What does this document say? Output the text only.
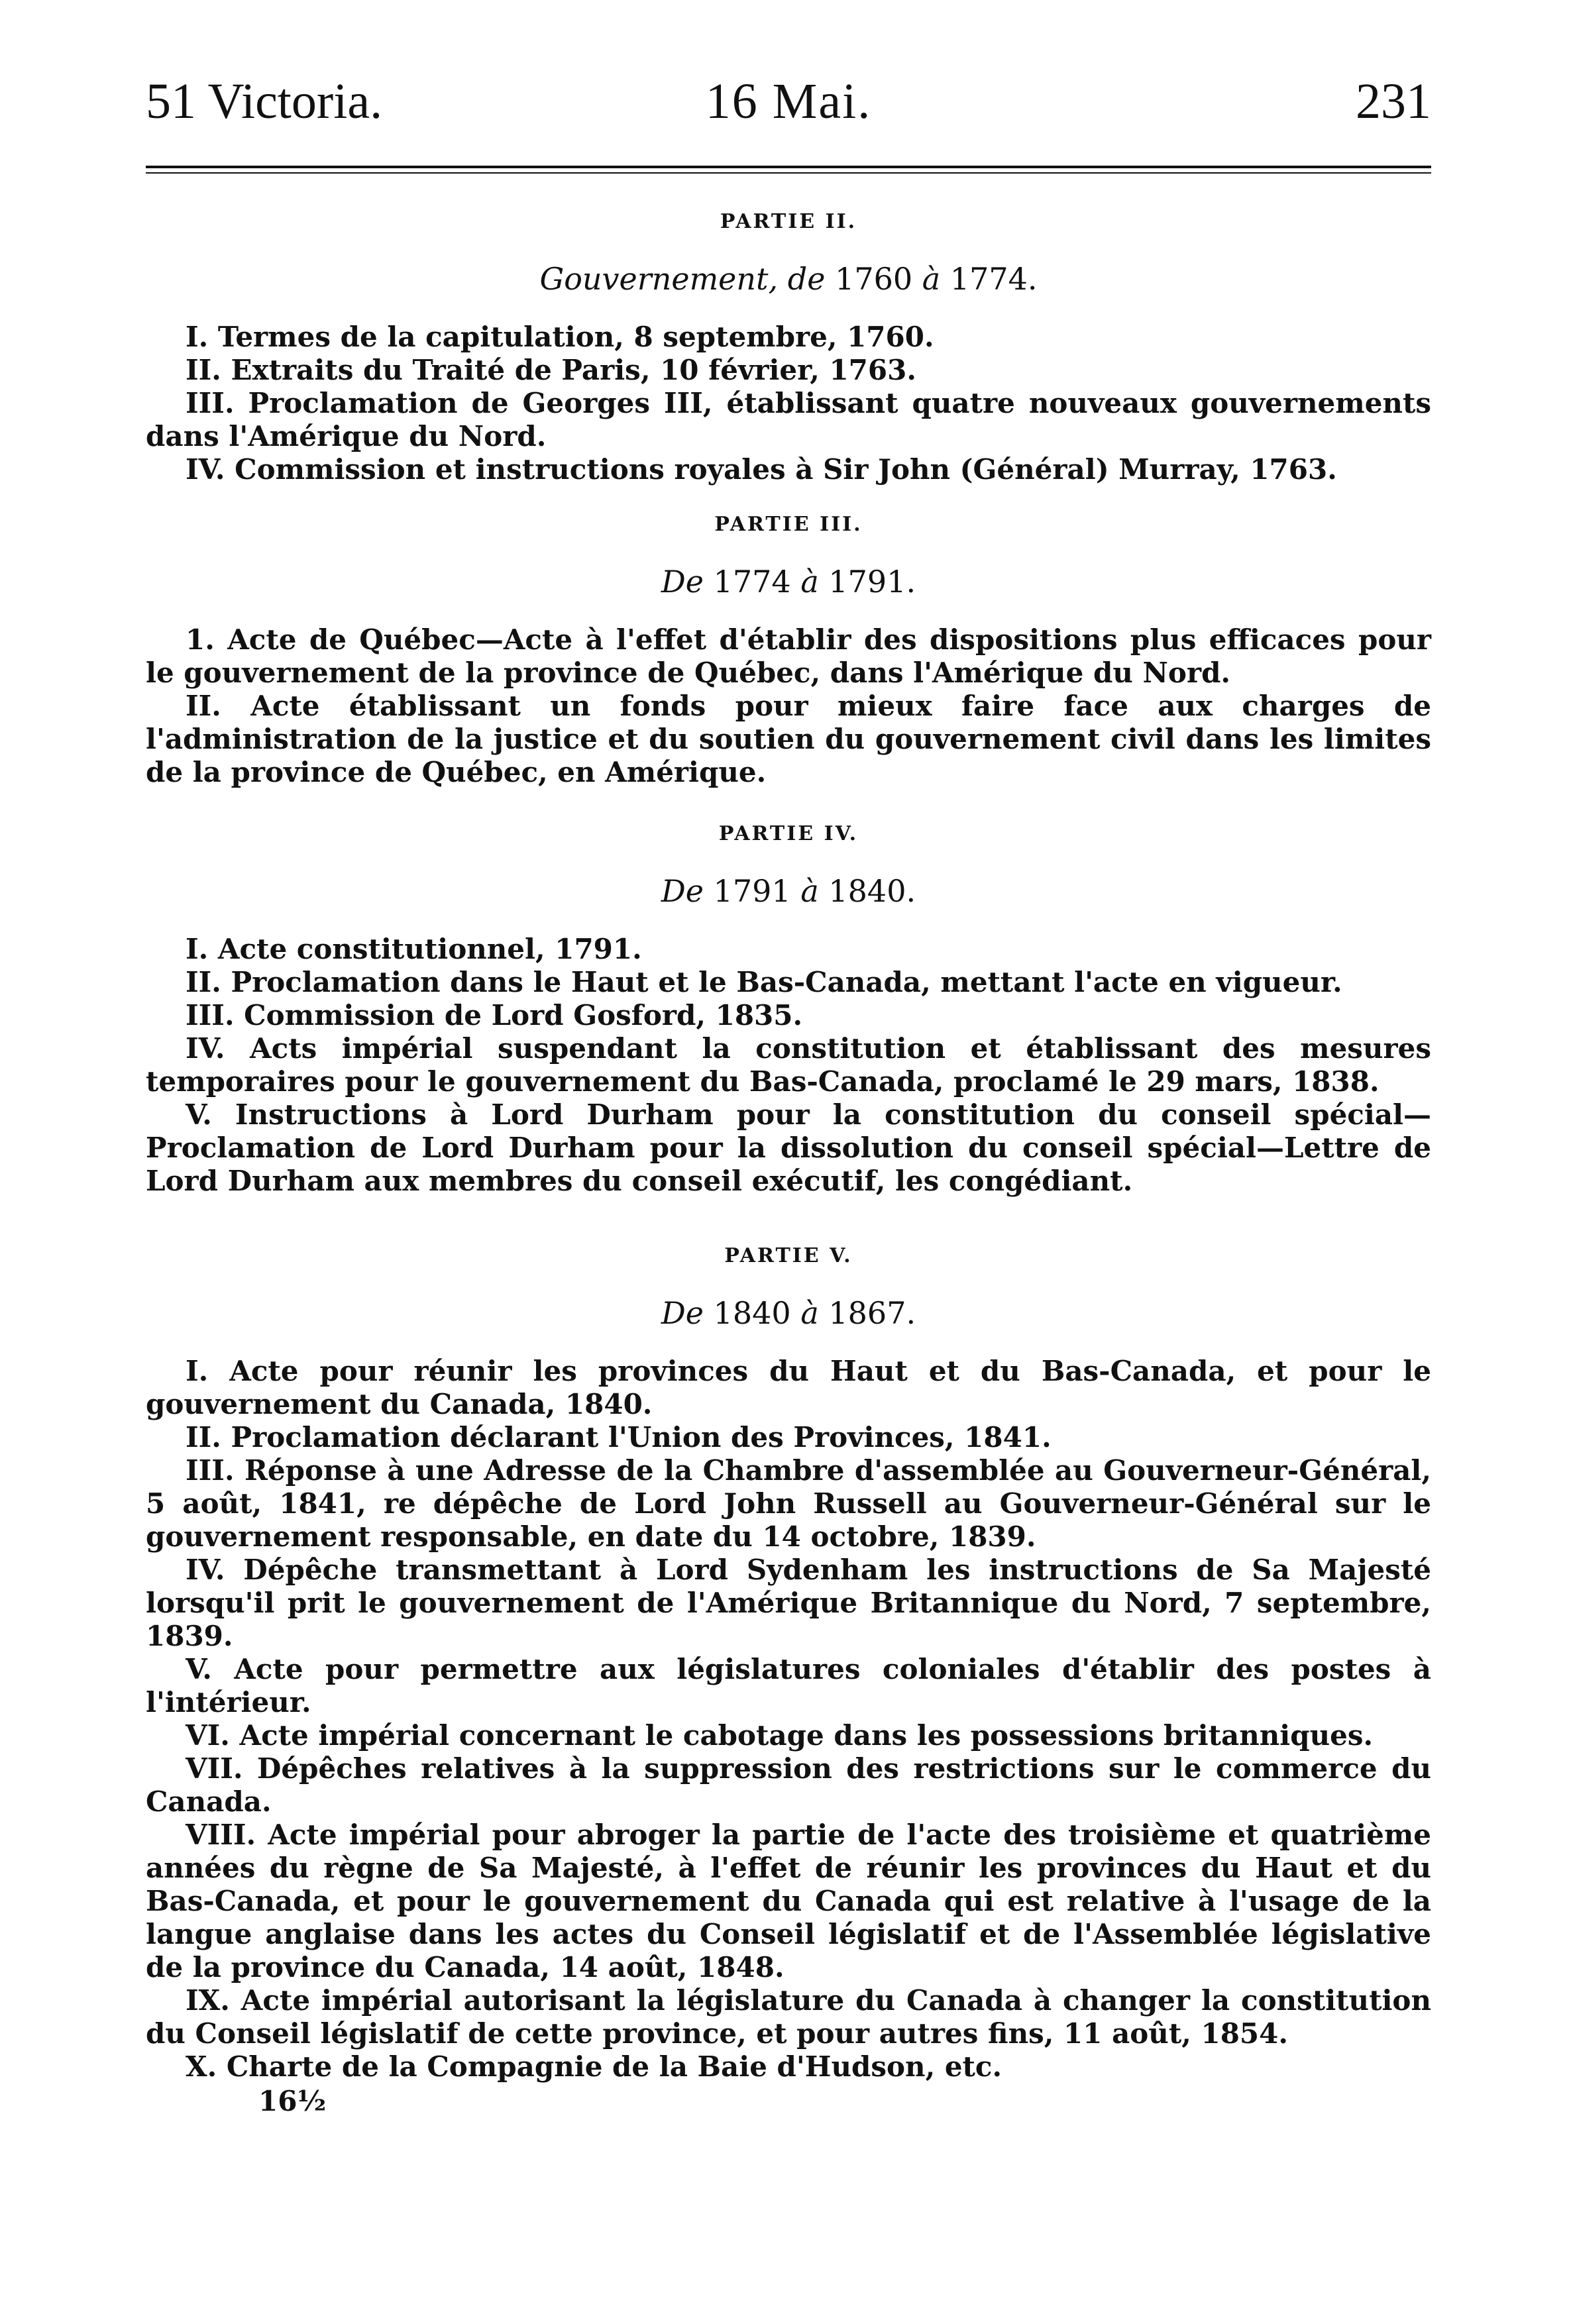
51 Victoria.	16 Mai.	231
PARTIE II.
Gouvernement, de 1760 à 1774.

I. Termes de la capitulation, 8 septembre, 1760.

II. Extraits du Traité de Paris, 10 février, 1763.

III. Proclamation de Georges III, établissant quatre nouveaux gouvernements dans l'Amérique du Nord.

IV. Commission et instructions royales à Sir John (Général) Murray, 1763.

PARTIE III.
De 1774 à 1791.

1. Acte de Québec—Acte à l'effet d'établir des dispositions plus efficaces pour le gouvernement de la province de Québec, dans l'Amérique du Nord.

II. Acte établissant un fonds pour mieux faire face aux charges de l'administration de la justice et du soutien du gouvernement civil dans les limites de la province de Québec, en Amérique.

PARTIE IV.
De 1791 à 1840.

I. Acte constitutionnel, 1791.

II. Proclamation dans le Haut et le Bas-Canada, mettant l'acte en vigueur.

III. Commission de Lord Gosford, 1835.

IV. Acts impérial suspendant la constitution et établissant des mesures temporaires pour le gouvernement du Bas-Canada, proclamé le 29 mars, 1838.

V. Instructions à Lord Durham pour la constitution du conseil spécial—Proclamation de Lord Durham pour la dissolution du conseil spécial—Lettre de Lord Durham aux membres du conseil exécutif, les congédiant.

PARTIE V.
De 1840 à 1867.

I. Acte pour réunir les provinces du Haut et du Bas-Canada, et pour le gouvernement du Canada, 1840.

II. Proclamation déclarant l'Union des Provinces, 1841.

III. Réponse à une Adresse de la Chambre d'assemblée au Gouverneur-Général, 5 août, 1841, re dépêche de Lord John Russell au Gouverneur-Général sur le gouvernement responsable, en date du 14 octobre, 1839.

IV. Dépêche transmettant à Lord Sydenham les instructions de Sa Majesté lorsqu'il prit le gouvernement de l'Amérique Britannique du Nord, 7 septembre, 1839.

V. Acte pour permettre aux législatures coloniales d'établir des postes à l'intérieur.

VI. Acte impérial concernant le cabotage dans les possessions britanniques.

VII. Dépêches relatives à la suppression des restrictions sur le commerce du Canada.

VIII. Acte impérial pour abroger la partie de l'acte des troisième et quatrième années du règne de Sa Majesté, à l'effet de réunir les provinces du Haut et du Bas-Canada, et pour le gouvernement du Canada qui est relative à l'usage de la langue anglaise dans les actes du Conseil législatif et de l'Assemblée législative de la province du Canada, 14 août, 1848.

IX. Acte impérial autorisant la législature du Canada à changer la constitution du Conseil législatif de cette province, et pour autres fins, 11 août, 1854.

X. Charte de la Compagnie de la Baie d'Hudson, etc.

16½
